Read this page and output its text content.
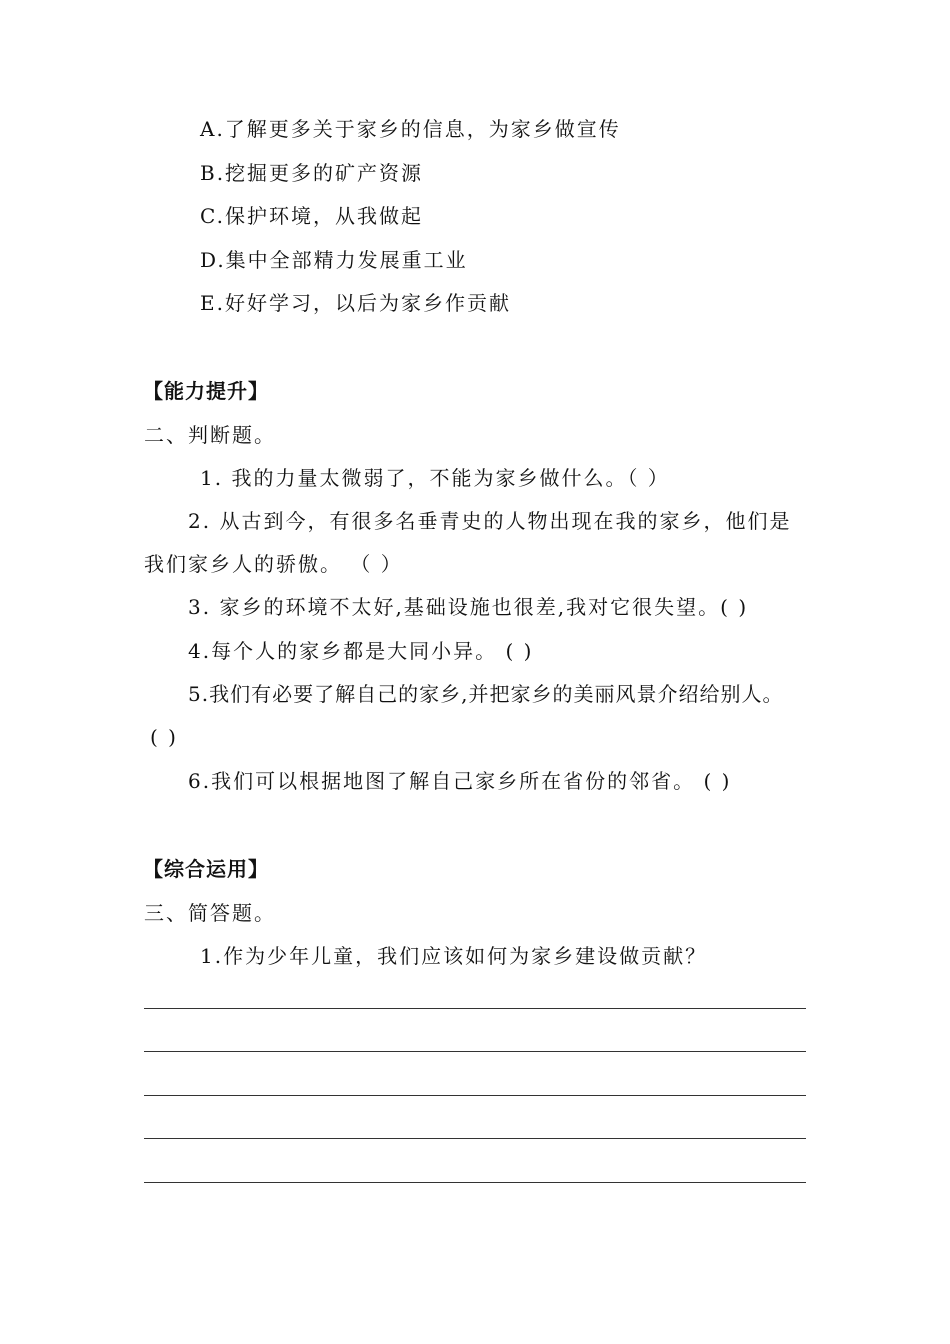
A.了解更多关于家乡的信息，为家乡做宣传
B.挖掘更多的矿产资源
C.保护环境，从我做起
D.集中全部精力发展重工业
E.好好学习，以后为家乡作贡献
【能力提升】
二、判断题。
1. 我的力量太微弱了，不能为家乡做什么。（ ）
2. 从古到今，有很多名垂青史的人物出现在我的家乡，他们是
我们家乡人的骄傲。 （ ）
3. 家乡的环境不太好,基础设施也很差,我对它很失望。( )
4.每个人的家乡都是大同小异。 ( )
5.我们有必要了解自己的家乡,并把家乡的美丽风景介绍给别人。
( )
6.我们可以根据地图了解自己家乡所在省份的邻省。 ( )
【综合运用】
三、简答题。
1.作为少年儿童，我们应该如何为家乡建设做贡献？
